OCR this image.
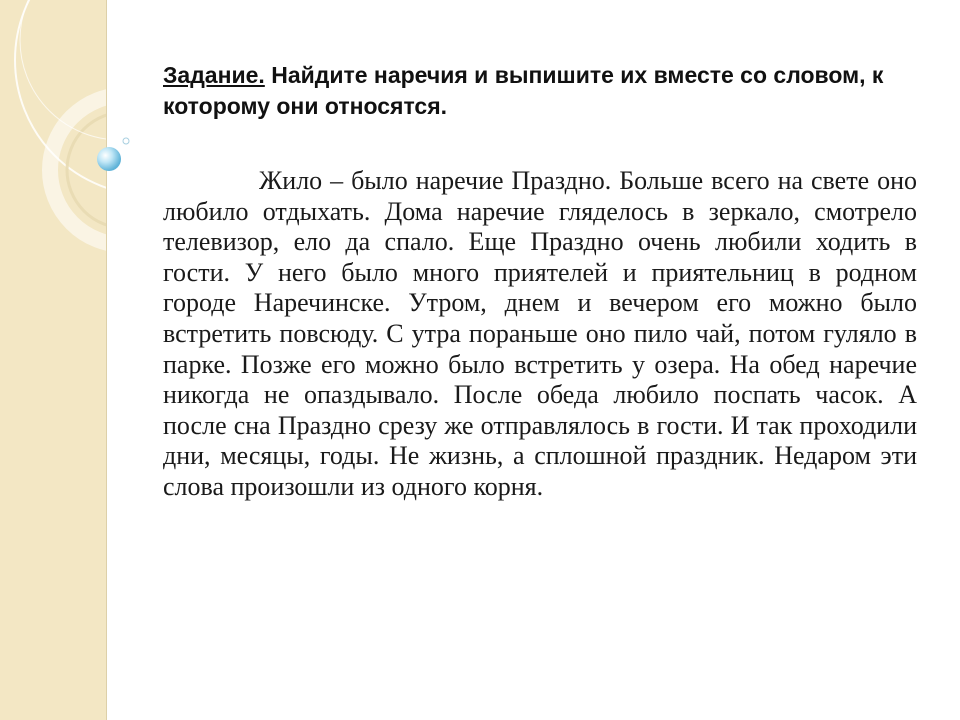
Задание. Найдите наречия и выпишите их вместе со словом, к которому они относятся.

Жило – было наречие Праздно. Больше всего на свете оно любило отдыхать. Дома наречие гляделось в зеркало, смотрело телевизор, ело да спало. Еще Праздно очень любили ходить в гости. У него было много приятелей и приятельниц в родном городе Наречинске. Утром, днем и вечером его можно было встретить повсюду. С утра пораньше оно пило чай, потом гуляло в парке. Позже его можно было встретить у озера. На обед наречие никогда не опаздывало. После обеда любило поспать часок. А после сна Праздно срезу же отправлялось в гости. И так проходили дни, месяцы, годы. Не жизнь, а сплошной праздник. Недаром эти слова произошли из одного корня.
